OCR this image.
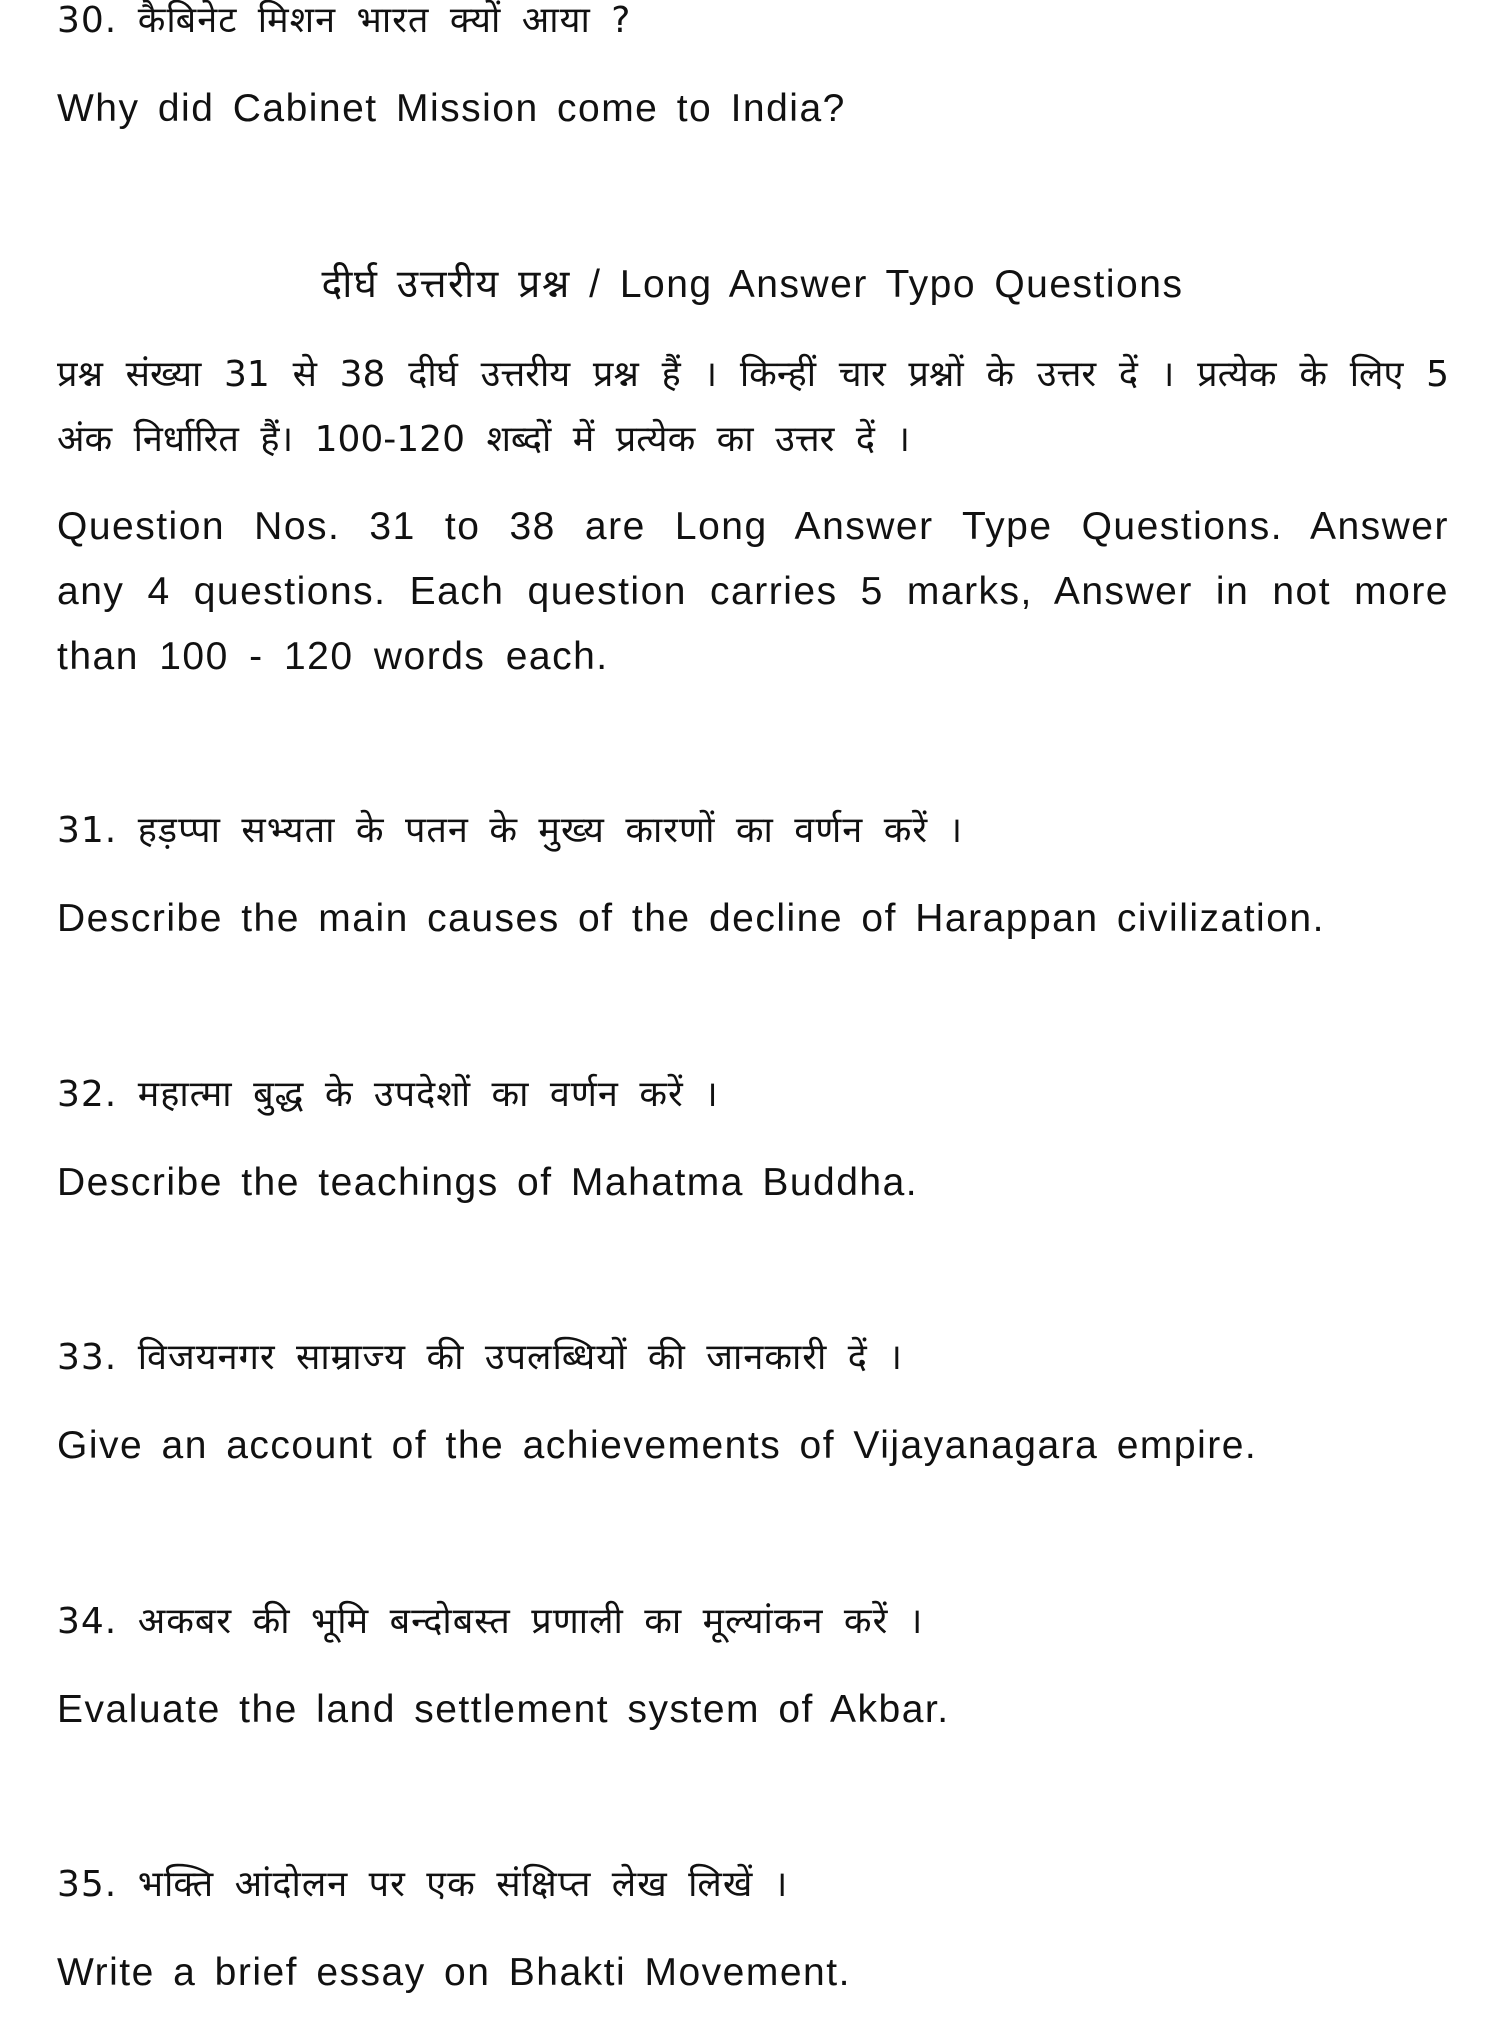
30. कैबिनेट मिशन भारत क्यों आया ?
Why did Cabinet Mission come to India?
दीर्घ उत्तरीय प्रश्न / Long Answer Typo Questions
प्रश्न संख्या 31 से 38 दीर्घ उत्तरीय प्रश्न हैं । किन्हीं चार प्रश्नों के उत्तर दें । प्रत्येक के लिए 5 अंक निर्धारित हैं। 100-120 शब्दों में प्रत्येक का उत्तर दें ।
Question Nos. 31 to 38 are Long Answer Type Questions. Answer any 4 questions. Each question carries 5 marks, Answer in not more than 100 - 120 words each.
31. हड़प्पा सभ्यता के पतन के मुख्य कारणों का वर्णन करें ।
Describe the main causes of the decline of Harappan civilization.
32. महात्मा बुद्ध के उपदेशों का वर्णन करें ।
Describe the teachings of Mahatma Buddha.
33. विजयनगर साम्राज्य की उपलब्धियों की जानकारी दें ।
Give an account of the achievements of Vijayanagara empire.
34. अकबर की भूमि बन्दोबस्त प्रणाली का मूल्यांकन करें ।
Evaluate the land settlement system of Akbar.
35. भक्ति आंदोलन पर एक संक्षिप्त लेख लिखें ।
Write a brief essay on Bhakti Movement.
